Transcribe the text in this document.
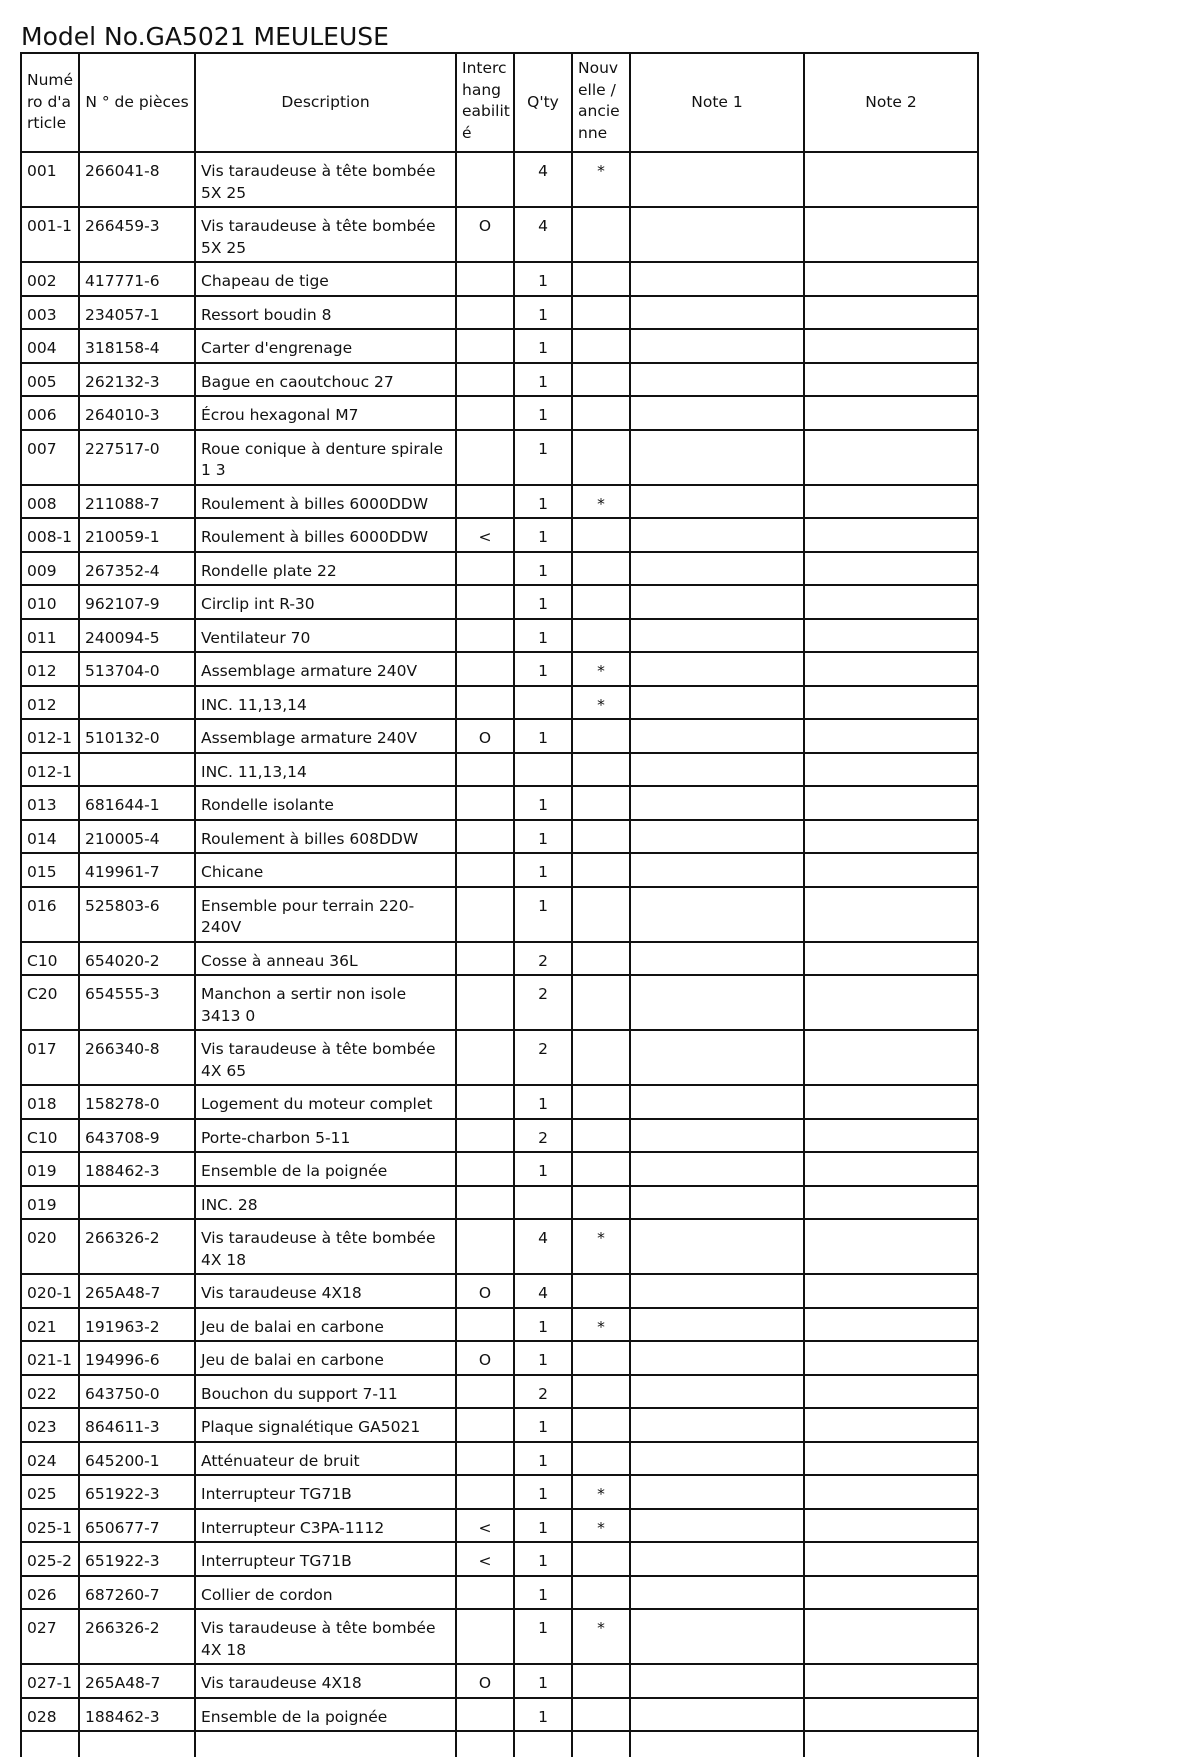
Model No.GA5021 MEULEUSE
Numé ro d'a rticle	N ° de pièces	Description	Interc hang eabilit é	Q'ty	Nouv elle / ancie nne	Note 1	Note 2
001	266041-8	Vis taraudeuse à tête bombée 5X 25		4	*		
001-1	266459-3	Vis taraudeuse à tête bombée 5X 25	O	4			
002	417771-6	Chapeau de tige		1			
003	234057-1	Ressort boudin 8		1			
004	318158-4	Carter d'engrenage		1			
005	262132-3	Bague en caoutchouc 27		1			
006	264010-3	Écrou hexagonal M7		1			
007	227517-0	Roue conique à denture spirale 1 3		1			
008	211088-7	Roulement à billes 6000DDW		1	*		
008-1	210059-1	Roulement à billes 6000DDW	<	1			
009	267352-4	Rondelle plate 22		1			
010	962107-9	Circlip int R-30		1			
011	240094-5	Ventilateur 70		1			
012	513704-0	Assemblage armature 240V		1	*		
012		INC. 11,13,14			*		
012-1	510132-0	Assemblage armature 240V	O	1			
012-1		INC. 11,13,14					
013	681644-1	Rondelle isolante		1			
014	210005-4	Roulement à billes 608DDW		1			
015	419961-7	Chicane		1			
016	525803-6	Ensemble pour terrain 220-240V		1			
C10	654020-2	Cosse à anneau 36L		2			
C20	654555-3	Manchon a sertir non isole 3413 0		2			
017	266340-8	Vis taraudeuse à tête bombée 4X 65		2			
018	158278-0	Logement du moteur complet		1			
C10	643708-9	Porte-charbon 5-11		2			
019	188462-3	Ensemble de la poignée		1			
019		INC. 28					
020	266326-2	Vis taraudeuse à tête bombée 4X 18		4	*		
020-1	265A48-7	Vis taraudeuse 4X18	O	4			
021	191963-2	Jeu de balai en carbone		1	*		
021-1	194996-6	Jeu de balai en carbone	O	1			
022	643750-0	Bouchon du support 7-11		2			
023	864611-3	Plaque signalétique GA5021		1			
024	645200-1	Atténuateur de bruit		1			
025	651922-3	Interrupteur TG71B		1	*		
025-1	650677-7	Interrupteur C3PA-1112	<	1	*		
025-2	651922-3	Interrupteur TG71B	<	1			
026	687260-7	Collier de cordon		1			
027	266326-2	Vis taraudeuse à tête bombée 4X 18		1	*		
027-1	265A48-7	Vis taraudeuse 4X18	O	1			
028	188462-3	Ensemble de la poignée		1			
